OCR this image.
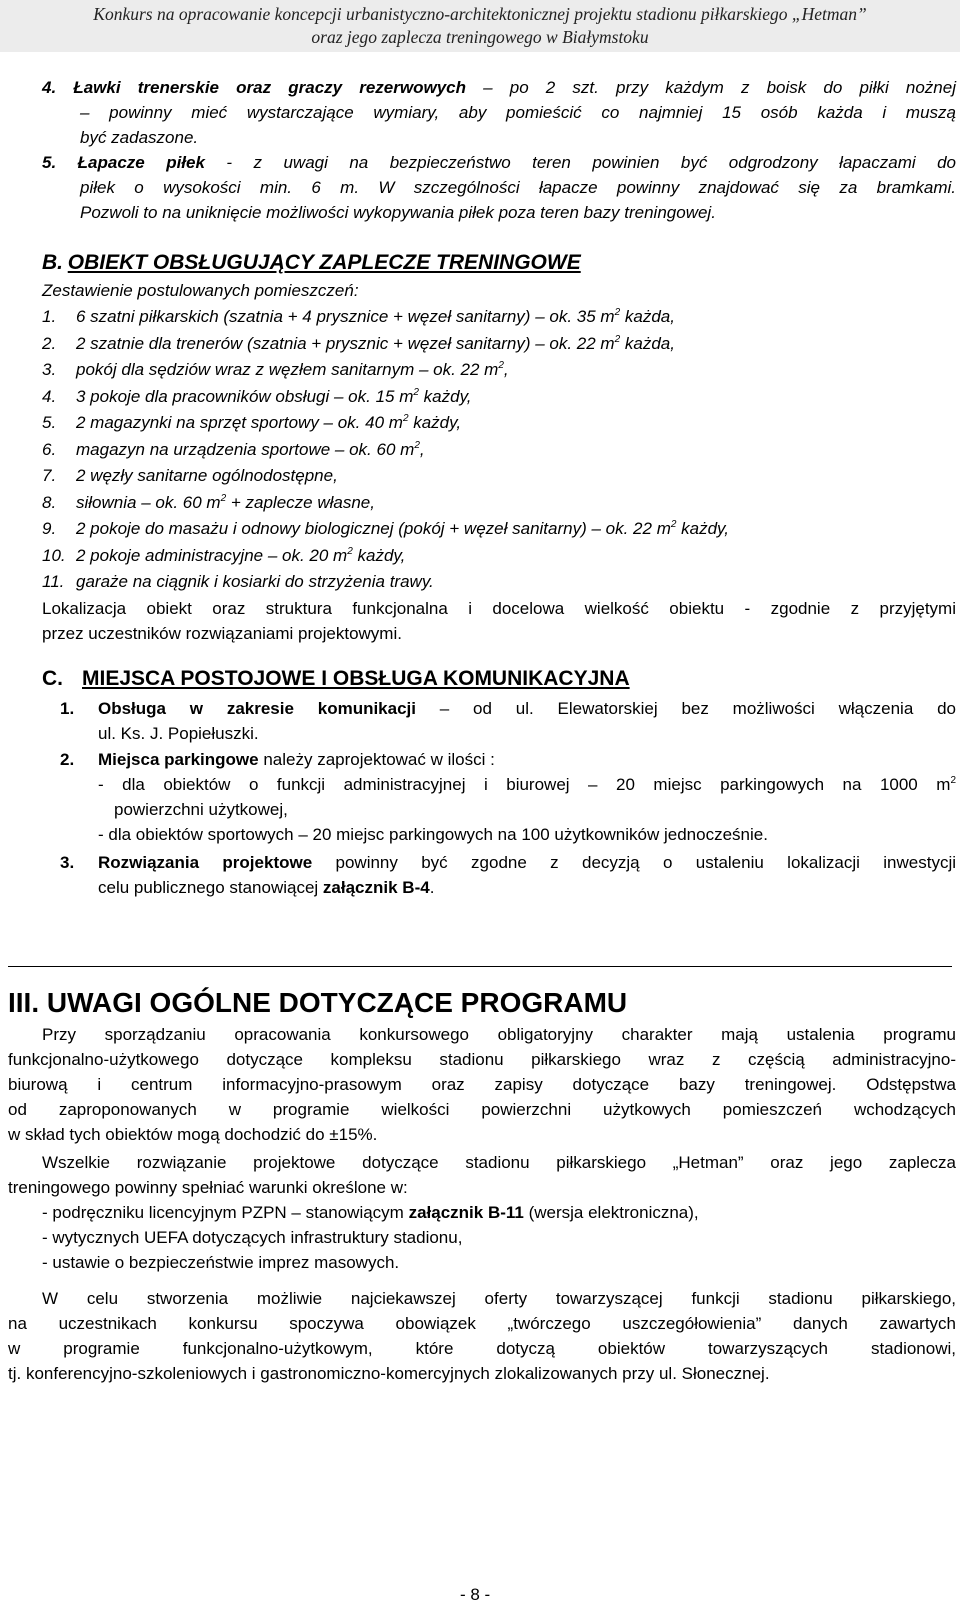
Konkurs na opracowanie koncepcji urbanistyczno-architektonicznej projektu stadionu piłkarskiego „Hetman”
oraz jego zaplecza treningowego w Białymstoku
4. Ławki trenerskie oraz graczy rezerwowych – po 2 szt. przy każdym z boisk do piłki nożnej
– powinny mieć wystarczające wymiary, aby pomieścić co najmniej 15 osób każda i muszą
być zadaszone.
5. Łapacze piłek - z uwagi na bezpieczeństwo teren powinien być odgrodzony łapaczami do
piłek o wysokości min. 6 m. W szczególności łapacze powinny znajdować się za bramkami.
Pozwoli to na uniknięcie możliwości wykopywania piłek poza teren bazy treningowej.
B. OBIEKT OBSŁUGUJĄCY ZAPLECZE TRENINGOWE
Zestawienie postulowanych pomieszczeń:
1. 6 szatni piłkarskich (szatnia + 4 prysznice + węzeł sanitarny) – ok. 35 $m^2$ każda,
2. 2 szatnie dla trenerów (szatnia + prysznic + węzeł sanitarny) – ok. 22 $m^2$ każda,
3. pokój dla sędziów wraz z węzłem sanitarnym – ok. 22 $m^2$,
4. 3 pokoje dla pracowników obsługi – ok. 15 $m^2$ każdy,
5. 2 magazynki na sprzęt sportowy – ok. 40 $m^2$ każdy,
6. magazyn na urządzenia sportowe – ok. 60 $m^2$,
7. 2 węzły sanitarne ogólnodostępne,
8. siłownia – ok. 60 $m^2$ + zaplecze własne,
9. 2 pokoje do masażu i odnowy biologicznej (pokój + węzeł sanitarny) – ok. 22 $m^2$ każdy,
10. 2 pokoje administracyjne – ok. 20 $m^2$ każdy,
11. garaże na ciągnik i kosiarki do strzyżenia trawy.
Lokalizacja obiekt oraz struktura funkcjonalna i docelowa wielkość obiektu - zgodnie z przyjętymi
przez uczestników rozwiązaniami projektowymi.
C. MIEJSCA POSTOJOWE I OBSŁUGA KOMUNIKACYJNA
1. Obsługa w zakresie komunikacji – od ul. Elewatorskiej bez możliwości włączenia do
ul. Ks. J. Popiełuszki.
2. Miejsca parkingowe należy zaprojektować w ilości :
- dla obiektów o funkcji administracyjnej i biurowej – 20 miejsc parkingowych na 1000 $m^2$
powierzchni użytkowej,
- dla obiektów sportowych – 20 miejsc parkingowych na 100 użytkowników jednocześnie.
3. Rozwiązania projektowe powinny być zgodne z decyzją o ustaleniu lokalizacji inwestycji
celu publicznego stanowiącej załącznik B-4.
III. UWAGI OGÓLNE DOTYCZĄCE PROGRAMU
Przy sporządzaniu opracowania konkursowego obligatoryjny charakter mają ustalenia programu
funkcjonalno-użytkowego dotyczące kompleksu stadionu piłkarskiego wraz z częścią administracyjno-
biurową i centrum informacyjno-prasowym oraz zapisy dotyczące bazy treningowej. Odstępstwa
od zaproponowanych w programie wielkości powierzchni użytkowych pomieszczeń wchodzących
w skład tych obiektów mogą dochodzić do ±15%.
Wszelkie rozwiązanie projektowe dotyczące stadionu piłkarskiego „Hetman” oraz jego zaplecza
treningowego powinny spełniać warunki określone w:
- podręczniku licencyjnym PZPN – stanowiącym załącznik B-11 (wersja elektroniczna),
- wytycznych UEFA dotyczących infrastruktury stadionu,
- ustawie o bezpieczeństwie imprez masowych.
W celu stworzenia możliwie najciekawszej oferty towarzyszącej funkcji stadionu piłkarskiego,
na uczestnikach konkursu spoczywa obowiązek „twórczego uszczegółowienia” danych zawartych
w programie funkcjonalno-użytkowym, które dotyczą obiektów towarzyszących stadionowi,
tj. konferencyjno-szkoleniowych i gastronomiczno-komercyjnych zlokalizowanych przy ul. Słonecznej.
- 8 -
